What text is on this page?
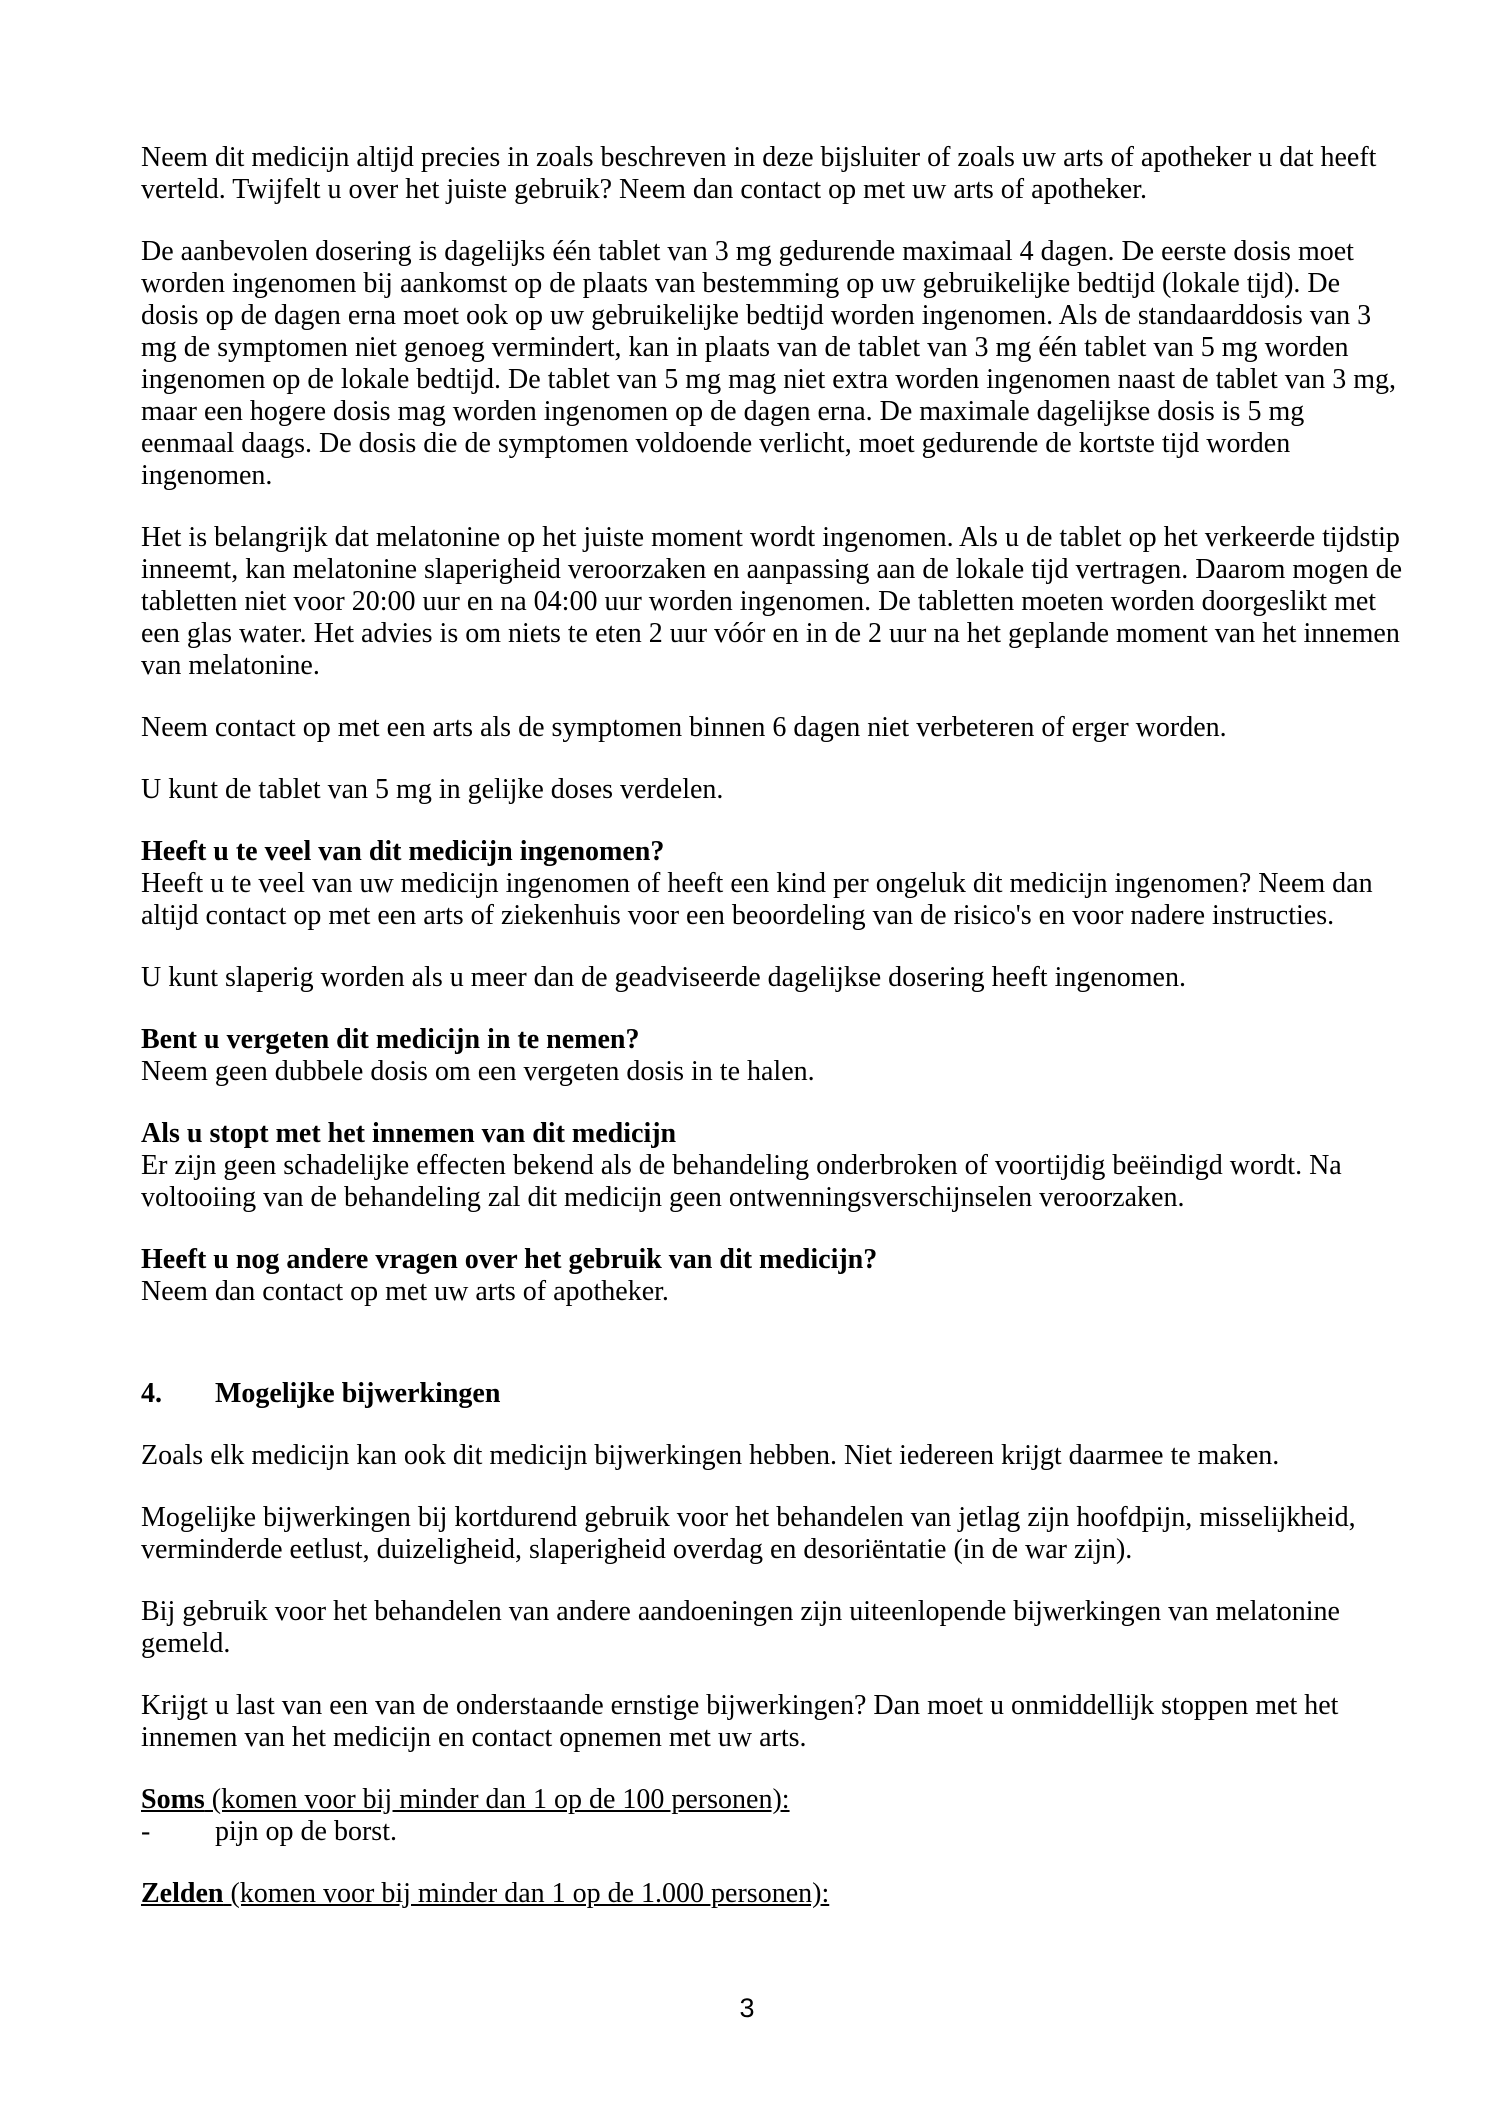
Neem dit medicijn altijd precies in zoals beschreven in deze bijsluiter of zoals uw arts of apotheker u dat heeft verteld. Twijfelt u over het juiste gebruik? Neem dan contact op met uw arts of apotheker.

De aanbevolen dosering is dagelijks één tablet van 3 mg gedurende maximaal 4 dagen. De eerste dosis moet worden ingenomen bij aankomst op de plaats van bestemming op uw gebruikelijke bedtijd (lokale tijd). De dosis op de dagen erna moet ook op uw gebruikelijke bedtijd worden ingenomen. Als de standaarddosis van 3 mg de symptomen niet genoeg vermindert, kan in plaats van de tablet van 3 mg één tablet van 5 mg worden ingenomen op de lokale bedtijd. De tablet van 5 mg mag niet extra worden ingenomen naast de tablet van 3 mg, maar een hogere dosis mag worden ingenomen op de dagen erna. De maximale dagelijkse dosis is 5 mg eenmaal daags. De dosis die de symptomen voldoende verlicht, moet gedurende de kortste tijd worden ingenomen.

Het is belangrijk dat melatonine op het juiste moment wordt ingenomen. Als u de tablet op het verkeerde tijdstip inneemt, kan melatonine slaperigheid veroorzaken en aanpassing aan de lokale tijd vertragen. Daarom mogen de tabletten niet voor 20:00 uur en na 04:00 uur worden ingenomen. De tabletten moeten worden doorgeslikt met een glas water. Het advies is om niets te eten 2 uur vóór en in de 2 uur na het geplande moment van het innemen van melatonine.

Neem contact op met een arts als de symptomen binnen 6 dagen niet verbeteren of erger worden.

U kunt de tablet van 5 mg in gelijke doses verdelen.

Heeft u te veel van dit medicijn ingenomen?

Heeft u te veel van uw medicijn ingenomen of heeft een kind per ongeluk dit medicijn ingenomen? Neem dan altijd contact op met een arts of ziekenhuis voor een beoordeling van de risico's en voor nadere instructies.

U kunt slaperig worden als u meer dan de geadviseerde dagelijkse dosering heeft ingenomen.

Bent u vergeten dit medicijn in te nemen?

Neem geen dubbele dosis om een vergeten dosis in te halen.

Als u stopt met het innemen van dit medicijn

Er zijn geen schadelijke effecten bekend als de behandeling onderbroken of voortijdig beëindigd wordt. Na voltooiing van de behandeling zal dit medicijn geen ontwenningsverschijnselen veroorzaken.

Heeft u nog andere vragen over het gebruik van dit medicijn?

Neem dan contact op met uw arts of apotheker.

4.	Mogelijke bijwerkingen

Zoals elk medicijn kan ook dit medicijn bijwerkingen hebben. Niet iedereen krijgt daarmee te maken.

Mogelijke bijwerkingen bij kortdurend gebruik voor het behandelen van jetlag zijn hoofdpijn, misselijkheid, verminderde eetlust, duizeligheid, slaperigheid overdag en desoriëntatie (in de war zijn).

Bij gebruik voor het behandelen van andere aandoeningen zijn uiteenlopende bijwerkingen van melatonine gemeld.

Krijgt u last van een van de onderstaande ernstige bijwerkingen? Dan moet u onmiddellijk stoppen met het innemen van het medicijn en contact opnemen met uw arts.

Soms (komen voor bij minder dan 1 op de 100 personen):
-	pijn op de borst.
Zelden (komen voor bij minder dan 1 op de 1.000 personen):
3
